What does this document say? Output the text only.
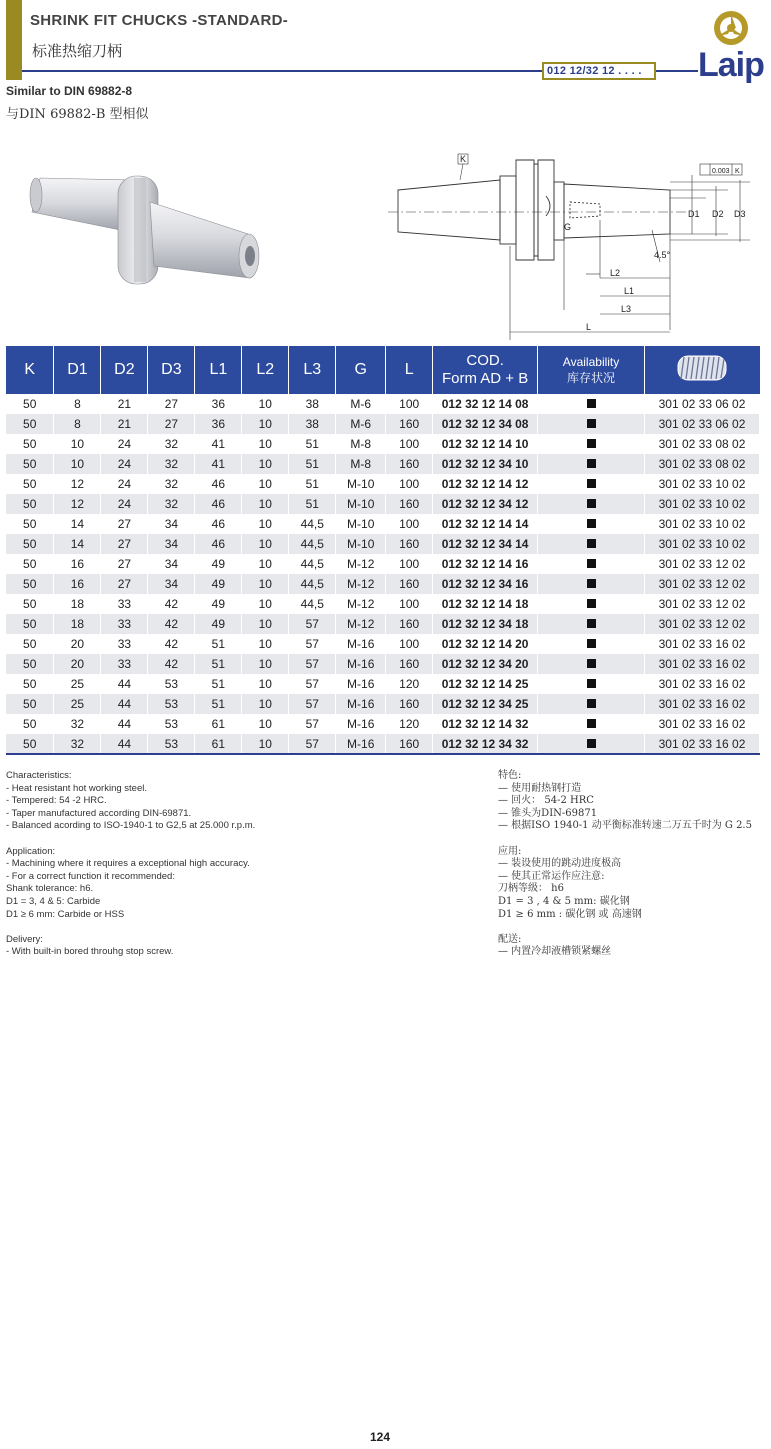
SHRINK FIT CHUCKS -STANDARD-
标准热缩刀柄
012 12/32 12 . . . .	Laip
Similar to DIN 69882-8
与DIN 69882-B 型相似
K
0.003 K
D1 D2 D3
G
4.5°
L2
L1
L3
L
K	D1	D2	D3	L1	L2	L3	G	L	COD.
Form AD + B	Availability
库存状况

50	8	21	27	36	10	38	M-6	100	012 32 12 14 08		301 02 33 06 02
50	8	21	27	36	10	38	M-6	160	012 32 12 34 08		301 02 33 06 02
50	10	24	32	41	10	51	M-8	100	012 32 12 14 10		301 02 33 08 02
50	10	24	32	41	10	51	M-8	160	012 32 12 34 10		301 02 33 08 02
50	12	24	32	46	10	51	M-10	100	012 32 12 14 12		301 02 33 10 02
50	12	24	32	46	10	51	M-10	160	012 32 12 34 12		301 02 33 10 02
50	14	27	34	46	10	44,5	M-10	100	012 32 12 14 14		301 02 33 10 02
50	14	27	34	46	10	44,5	M-10	160	012 32 12 34 14		301 02 33 10 02
50	16	27	34	49	10	44,5	M-12	100	012 32 12 14 16		301 02 33 12 02
50	16	27	34	49	10	44,5	M-12	160	012 32 12 34 16		301 02 33 12 02
50	18	33	42	49	10	44,5	M-12	100	012 32 12 14 18		301 02 33 12 02
50	18	33	42	49	10	57	M-12	160	012 32 12 34 18		301 02 33 12 02
50	20	33	42	51	10	57	M-16	100	012 32 12 14 20		301 02 33 16 02
50	20	33	42	51	10	57	M-16	160	012 32 12 34 20		301 02 33 16 02
50	25	44	53	51	10	57	M-16	120	012 32 12 14 25		301 02 33 16 02
50	25	44	53	51	10	57	M-16	160	012 32 12 34 25		301 02 33 16 02
50	32	44	53	61	10	57	M-16	120	012 32 12 14 32		301 02 33 16 02
50	32	44	53	61	10	57	M-16	160	012 32 12 34 32		301 02 33 16 02
Characteristics:
- Heat resistant hot working steel.
- Tempered: 54 -2 HRC.
- Taper manufactured according DIN-69871.
- Balanced acording to ISO-1940-1 to G2,5 at 25.000 r.p.m.
Application:
- Machining where it requires a exceptional high accuracy.
- For a correct function it recommended:
Shank tolerance: h6.
D1 = 3, 4 & 5: Carbide
D1 ≥ 6 mm: Carbide or HSS
Delivery:
- With built-in bored throuhg stop screw.
特色:
— 使用耐热钢打造
— 回火： 54-2 HRC
— 锥头为DIN-69871
— 根据ISO 1940-1 动平衡标准转速二万五千时为 G 2.5
应用:
— 装设使用的跳动进度极高
— 使其正常运作应注意:
刀柄等级： h6
D1 = 3 , 4 & 5 mm: 碳化钢
D1 ≥ 6 mm : 碳化钢 或 高速钢
配送:
— 内置冷却液槽锁紧螺丝
124
